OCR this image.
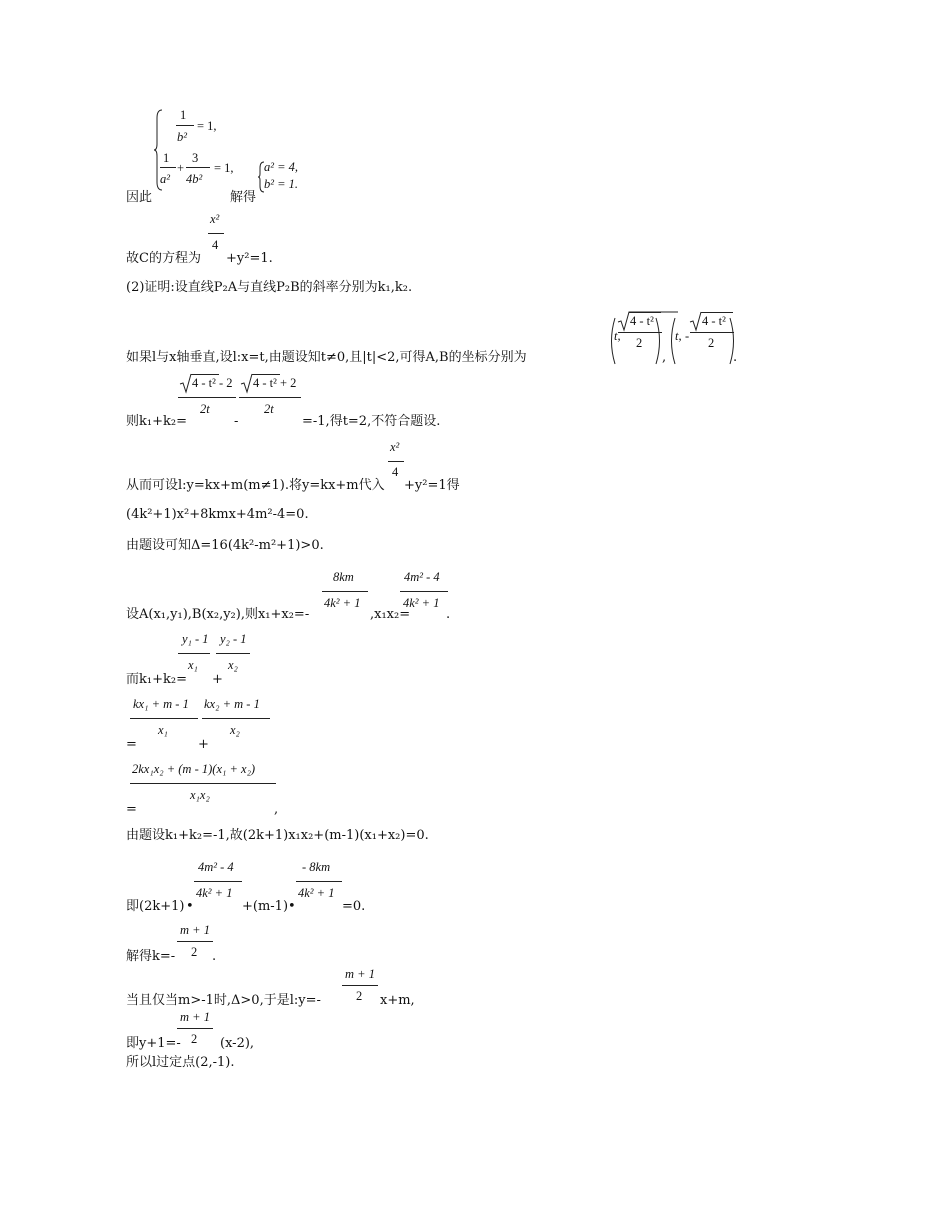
1
b²
= 1,
1
a²
+
3
4b²
= 1,
因此	解得
a² = 4,
b² = 1.
x²
4
故C的方程为 +y²=1.
(2)证明:设直线P₂A与直线P₂B的斜率分别为k₁,k₂.
如果l与x轴垂直,设l:x=t,由题设知t≠0,且|t|<2,可得A,B的坐标分别为
t,
4 - t²
2
,
t, -
4 - t²
2
.
4 - t² - 2
2t
4 - t² + 2
2t
则k₁+k₂=	-	=-1,得t=2,不符合题设.
x²
4
从而可设l:y=kx+m(m≠1).将y=kx+m代入 +y²=1得
(4k²+1)x²+8kmx+4m²-4=0.
由题设可知Δ=16(4k²-m²+1)>0.
8km
4k² + 1
4m² - 4
4k² + 1
设A(x₁,y₁),B(x₂,y₂),则x₁+x₂=-	,x₁x₂=	.
y₁ - 1
x₁
y₂ - 1
x₂
而k₁+k₂= +
kx₁ + m - 1
x₁
kx₂ + m - 1
x₂
=	+
2kx₁x₂ + (m - 1)(x₁ + x₂)
x₁x₂
=	,
由题设k₁+k₂=-1,故(2k+1)x₁x₂+(m-1)(x₁+x₂)=0.
4m² - 4
4k² + 1
- 8km
4k² + 1
即(2k+1) •	+(m-1) •	=0.
m + 1
2
解得k=-	.
m + 1
2
当且仅当m>-1时,Δ>0,于是l:y=-	x+m,
m + 1
2
即y+1=-	(x-2),
所以l过定点(2,-1).
